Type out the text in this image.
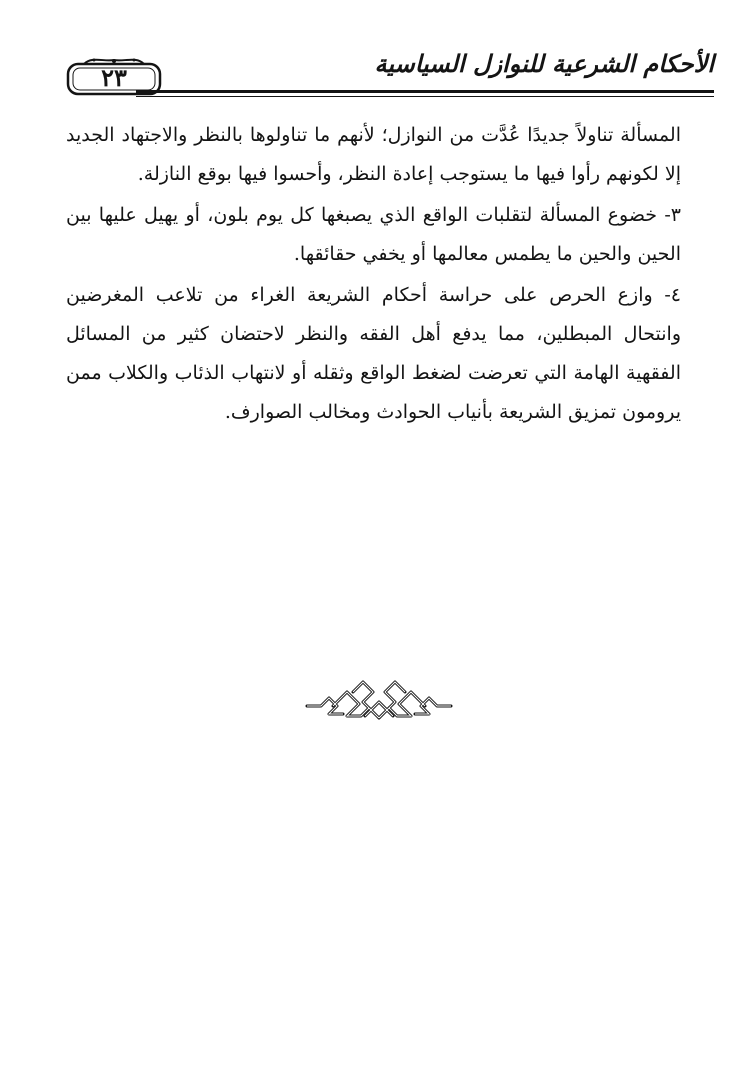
٢٣	الأحكام الشرعية للنوازل السياسية

المسألة تناولاً جديدًا عُدَّت من النوازل؛ لأنهم ما تناولوها بالنظر والاجتهاد الجديد إلا لكونهم رأوا فيها ما يستوجب إعادة النظر، وأحسوا فيها بوقع النازلة.

٣- خضوع المسألة لتقلبات الواقع الذي يصبغها كل يوم بلون، أو يهيل عليها بين الحين والحين ما يطمس معالمها أو يخفي حقائقها.

٤- وازع الحرص على حراسة أحكام الشريعة الغراء من تلاعب المغرضين وانتحال المبطلين، مما يدفع أهل الفقه والنظر لاحتضان كثير من المسائل الفقهية الهامة التي تعرضت لضغط الواقع وثقله أو لانتهاب الذئاب والكلاب ممن يرومون تمزيق الشريعة بأنياب الحوادث ومخالب الصوارف.
